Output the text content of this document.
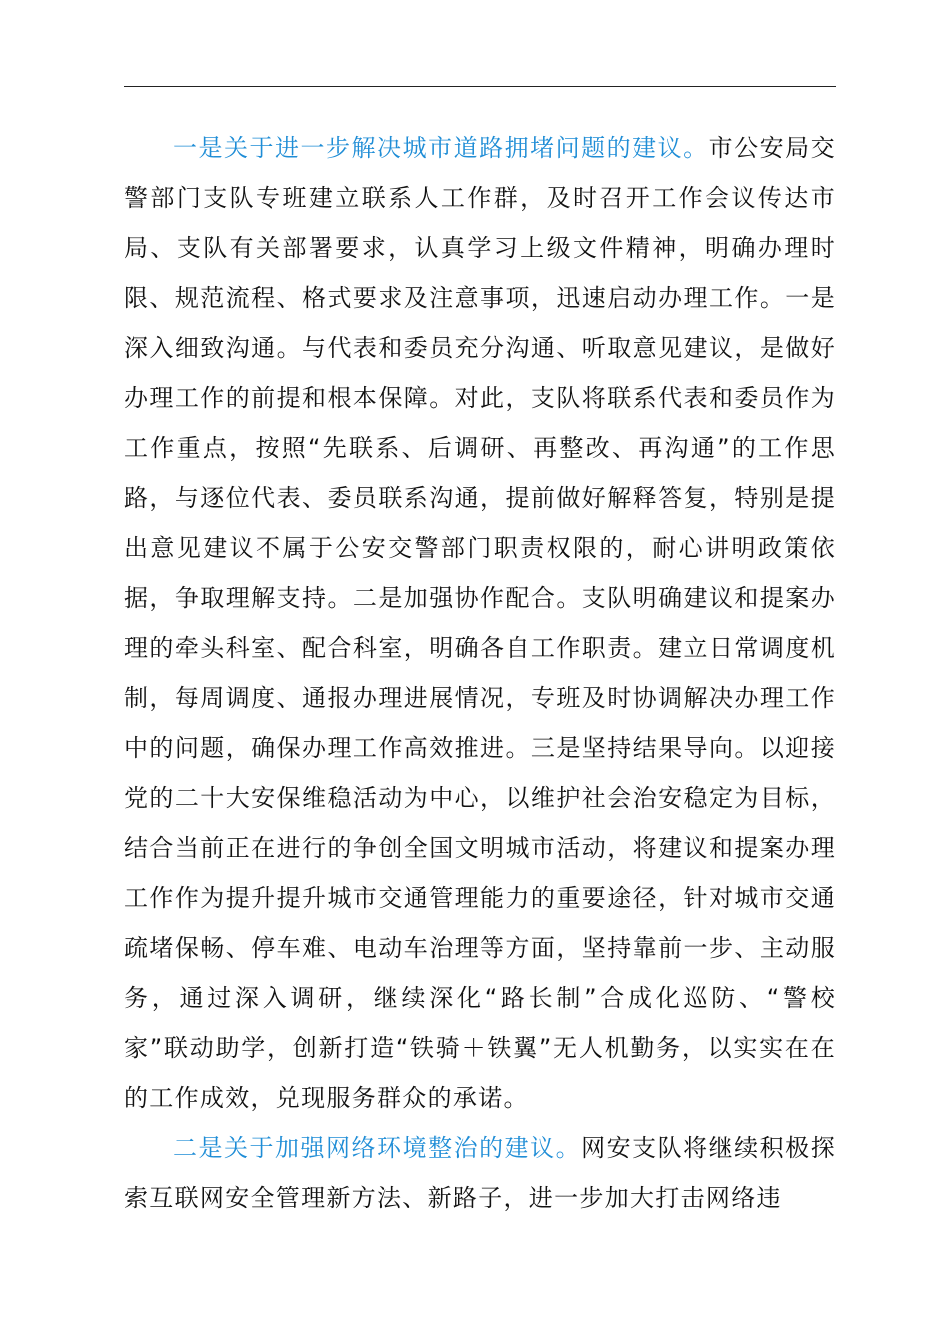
一是关于进一步解决城市道路拥堵问题的建议。市公安局交警部门支队专班建立联系人工作群，及时召开工作会议传达市局、支队有关部署要求，认真学习上级文件精神，明确办理时限、规范流程、格式要求及注意事项，迅速启动办理工作。一是深入细致沟通。与代表和委员充分沟通、听取意见建议，是做好办理工作的前提和根本保障。对此，支队将联系代表和委员作为工作重点，按照“先联系、后调研、再整改、再沟通”的工作思路，与逐位代表、委员联系沟通，提前做好解释答复，特别是提出意见建议不属于公安交警部门职责权限的，耐心讲明政策依据，争取理解支持。二是加强协作配合。支队明确建议和提案办理的牵头科室、配合科室，明确各自工作职责。建立日常调度机制，每周调度、通报办理进展情况，专班及时协调解决办理工作中的问题，确保办理工作高效推进。三是坚持结果导向。以迎接党的二十大安保维稳活动为中心，以维护社会治安稳定为目标，结合当前正在进行的争创全国文明城市活动，将建议和提案办理工作作为提升提升城市交通管理能力的重要途径，针对城市交通疏堵保畅、停车难、电动车治理等方面，坚持靠前一步、主动服务，通过深入调研，继续深化“路长制”合成化巡防、“警校家”联动助学，创新打造“铁骑＋铁翼”无人机勤务，以实实在在的工作成效，兑现服务群众的承诺。

二是关于加强网络环境整治的建议。网安支队将继续积极探索互联网安全管理新方法、新路子，进一步加大打击网络违
